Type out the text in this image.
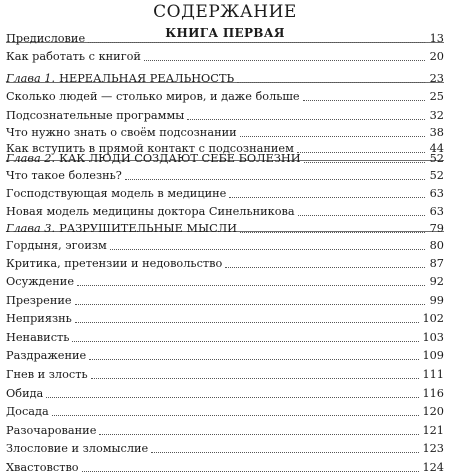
СОДЕРЖАНИЕ
КНИГА ПЕРВАЯ
Предисловие	13
Как работать с книгой	20
Глава 1. НЕРЕАЛЬНАЯ РЕАЛЬНОСТЬ	23
Сколько людей — столько миров, и даже больше	25
Подсознательные программы	32
Что нужно знать о своём подсознании	38
Как вступить в прямой контакт с подсознанием	44
Глава 2. КАК ЛЮДИ СОЗДАЮТ СЕБЕ БОЛЕЗНИ	52
Что такое болезнь?	52
Господствующая модель в медицине	63
Новая модель медицины доктора Синельникова	63
Глава 3. РАЗРУШИТЕЛЬНЫЕ МЫСЛИ	79
Гордыня, эгоизм	80
Критика, претензии и недовольство	87
Осуждение	92
Презрение	99
Неприязнь	102
Ненависть	103
Раздражение	109
Гнев и злость	111
Обида	116
Досада	120
Разочарование	121
Злословие и зломыслие	123
Хвастовство	124
